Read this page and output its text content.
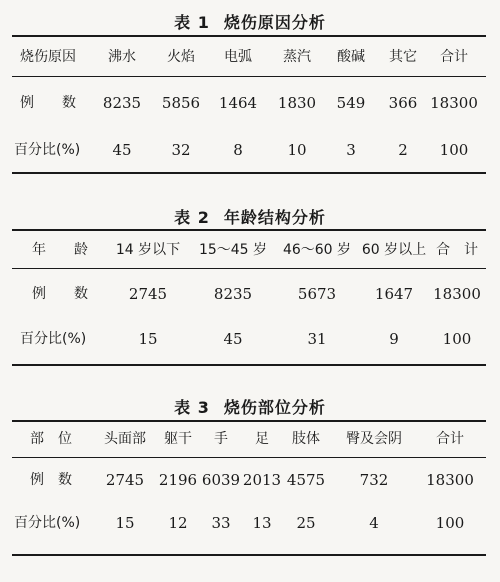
表 1 烧伤原因分析
烧伤原因 沸水 火焰 电弧 蒸汽 酸碱 其它 合计
例　　数 8235 5856 1464 1830 549 366 18300
百分比(%) 45	32	8	10	3	2 100
表 2 年龄结构分析
年　　龄 14 岁以下 15～45 岁 46～60 岁 60 岁以上 合　计
例　　数	2745	8235	5673	1647 18300
百分比(%)	15	45	31	9	100
表 3 烧伤部位分析
部　位 头面部 躯干 手 足 肢体 臀及会阴 合计
例　数 2745 2196 6039 2013 4575 732	18300
百分比(%) 15 12 33 13 25	4	100
